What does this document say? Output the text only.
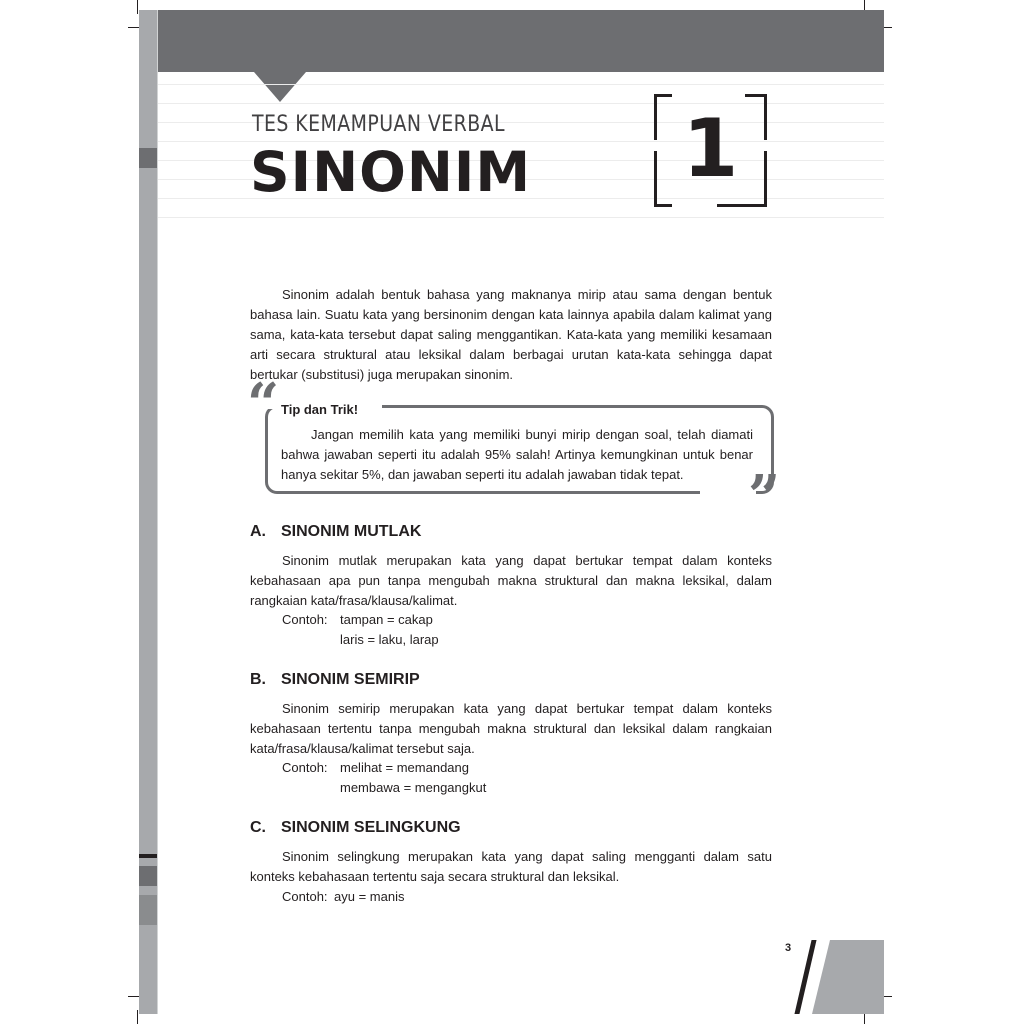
TES KEMAMPUAN VERBAL
SINONIM	1

Sinonim adalah bentuk bahasa yang maknanya mirip atau sama dengan bentuk bahasa lain. Suatu kata yang bersinonim dengan kata lainnya apabila dalam kalimat yang sama, kata-kata tersebut dapat saling menggantikan. Kata-kata yang memiliki kesamaan arti secara struktural atau leksikal dalam berbagai urutan kata-kata sehingga dapat bertukar (substitusi) juga merupakan sinonim.

“
”
Tip dan Trik!

Jangan memilih kata yang memiliki bunyi mirip dengan soal, telah diamati bahwa jawaban seperti itu adalah 95% salah! Artinya kemungkinan untuk benar hanya sekitar 5%, dan jawaban seperti itu adalah jawaban tidak tepat.

A. SINONIM MUTLAK

Sinonim mutlak merupakan kata yang dapat bertukar tempat dalam konteks kebahasaan apa pun tanpa mengubah makna struktural dan makna leksikal, dalam rangkaian kata/frasa/klausa/kalimat.

Contoh: tampan = cakap
laris = laku, larap
B. SINONIM SEMIRIP

Sinonim semirip merupakan kata yang dapat bertukar tempat dalam konteks kebahasaan tertentu tanpa mengubah makna struktural dan leksikal dalam rangkaian kata/frasa/klausa/kalimat tersebut saja.

Contoh: melihat = memandang
membawa = mengangkut
C. SINONIM SELINGKUNG

Sinonim selingkung merupakan kata yang dapat saling mengganti dalam satu konteks kebahasaan tertentu saja secara struktural dan leksikal.

Contoh: ayu = manis
3
